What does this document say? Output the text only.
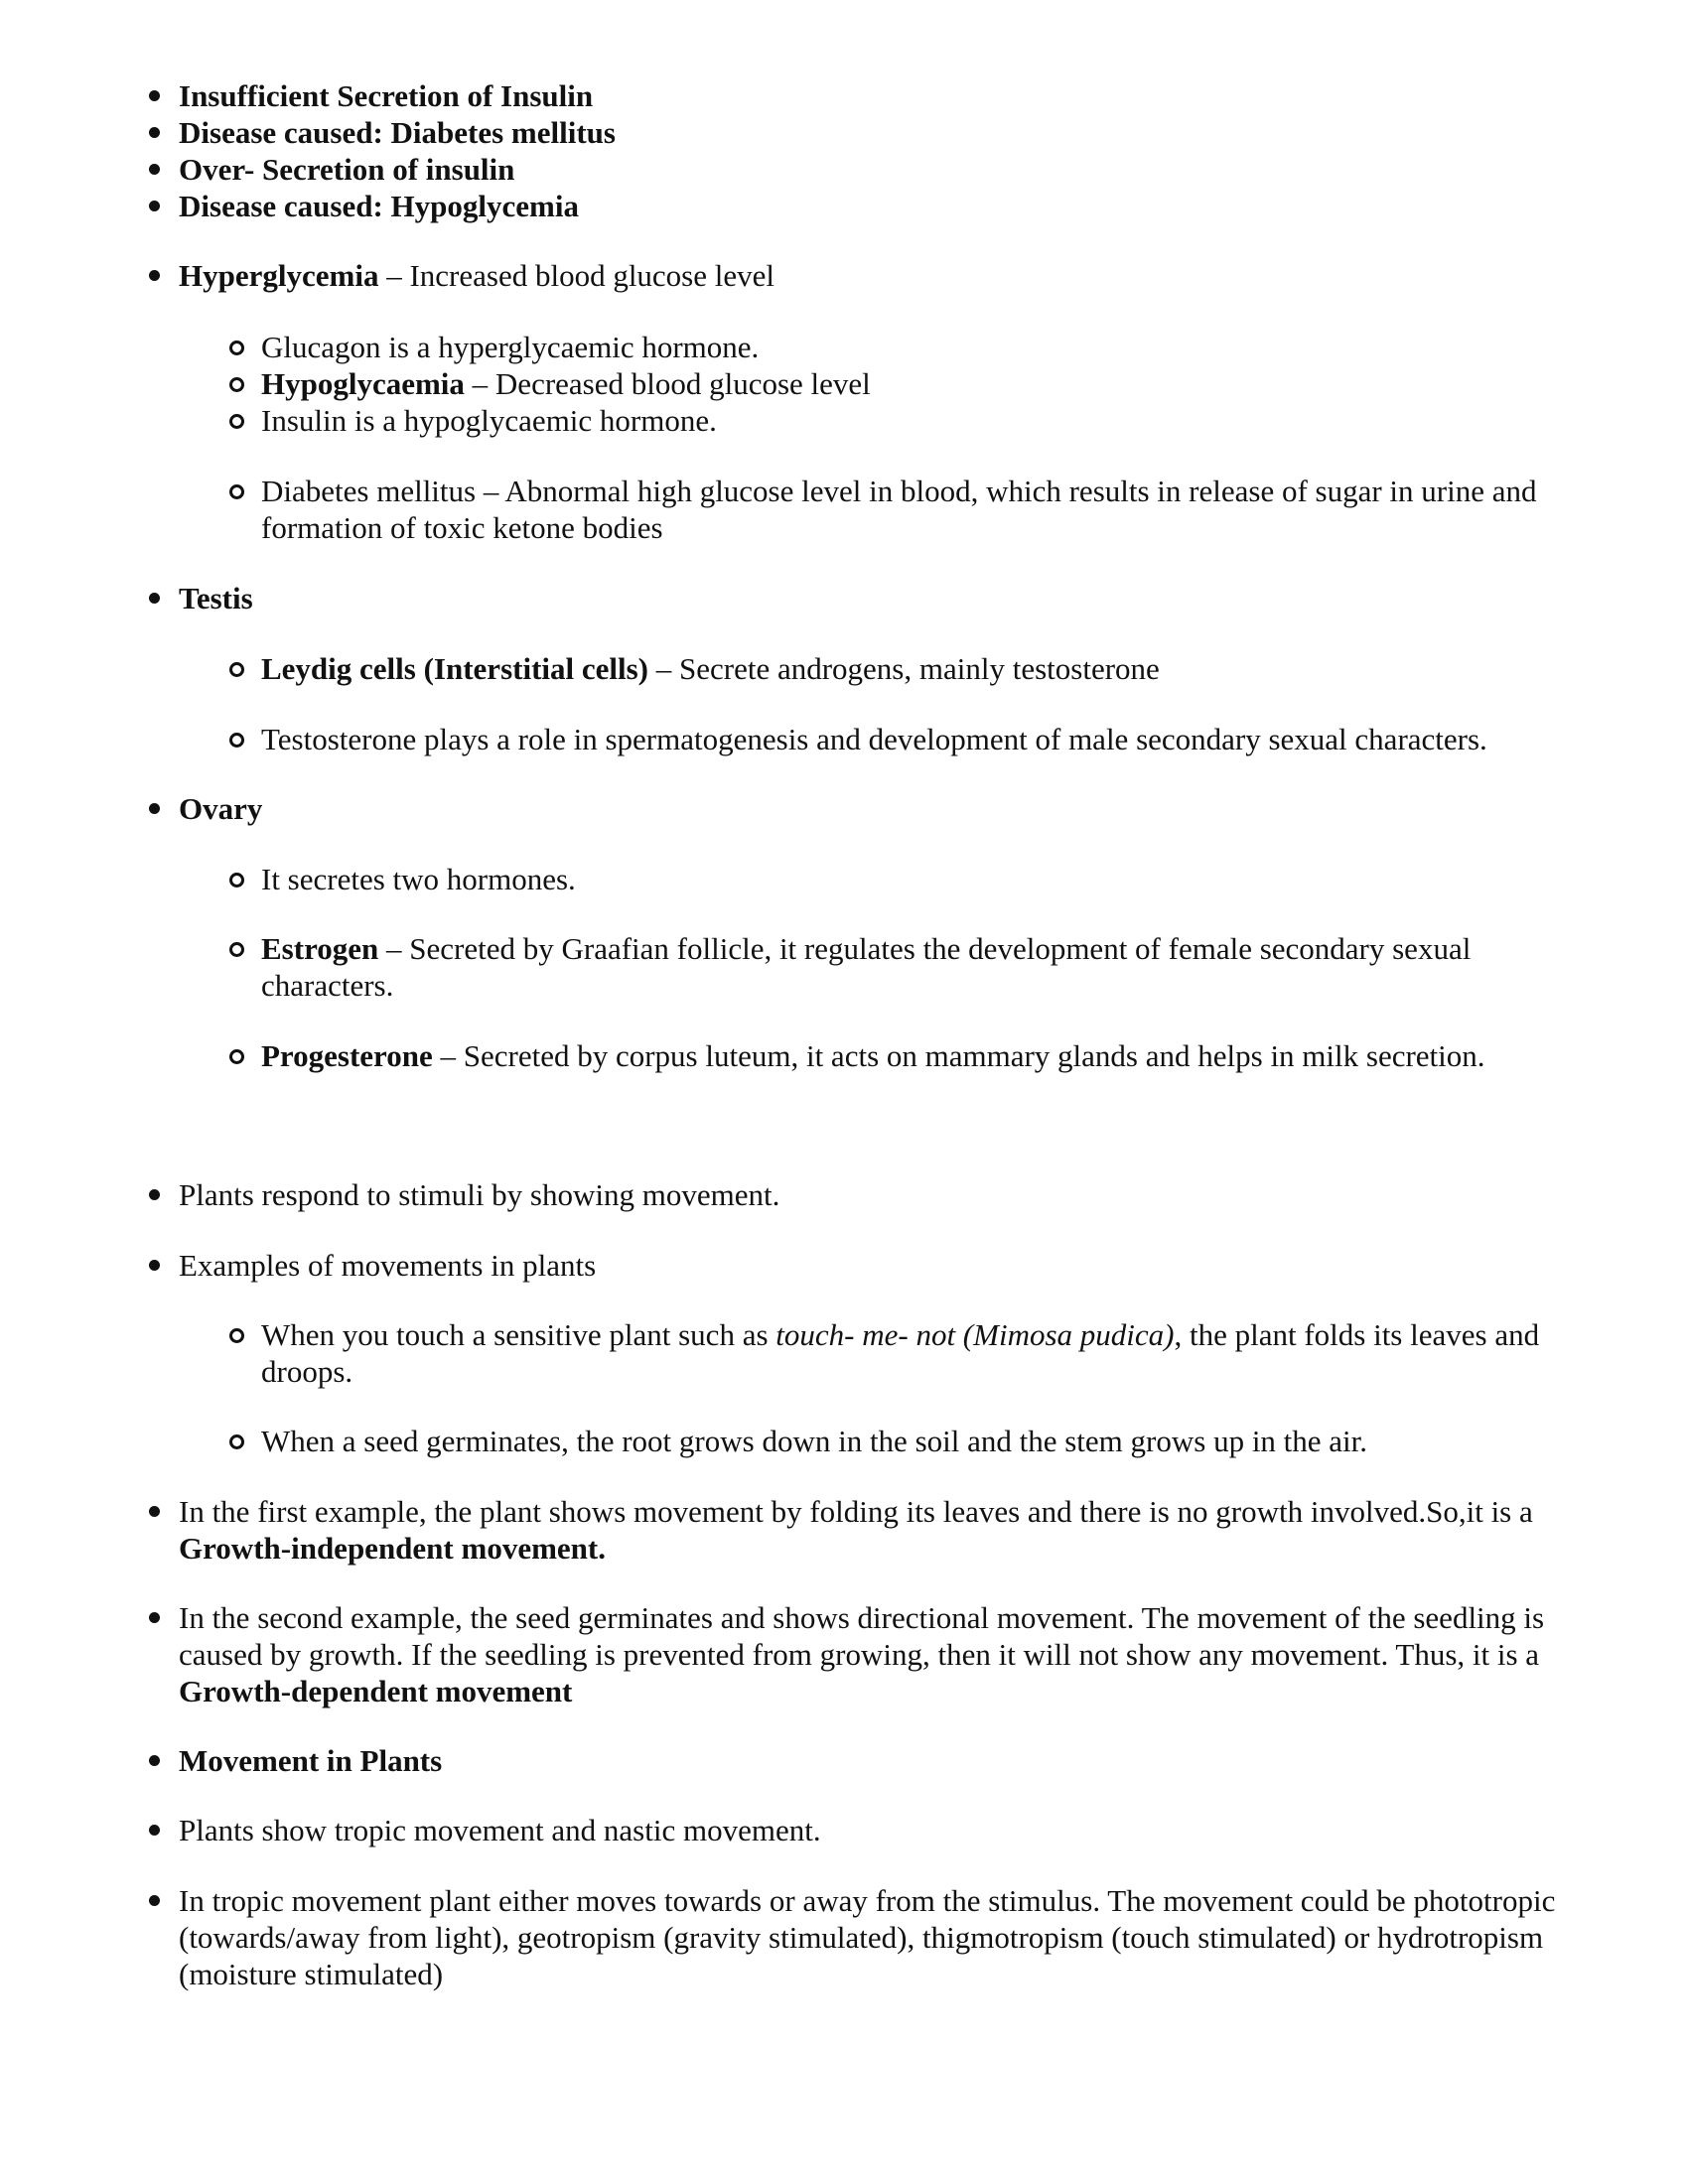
Insufficient Secretion of Insulin

Disease caused: Diabetes mellitus

Over- Secretion of insulin

Disease caused: Hypoglycemia

Hyperglycemia – Increased blood glucose level

Glucagon is a hyperglycaemic hormone.

Hypoglycaemia – Decreased blood glucose level

Insulin is a hypoglycaemic hormone.

Diabetes mellitus – Abnormal high glucose level in blood, which results in release of sugar in urine and formation of toxic ketone bodies

Testis

Leydig cells (Interstitial cells) – Secrete androgens, mainly testosterone

Testosterone plays a role in spermatogenesis and development of male secondary sexual characters.

Ovary

It secretes two hormones.

Estrogen – Secreted by Graafian follicle, it regulates the development of female secondary sexual characters.

Progesterone – Secreted by corpus luteum, it acts on mammary glands and helps in milk secretion.

Plants respond to stimuli by showing movement.

Examples of movements in plants

When you touch a sensitive plant such as touch- me- not (Mimosa pudica), the plant folds its leaves and droops.

When a seed germinates, the root grows down in the soil and the stem grows up in the air.

In the first example, the plant shows movement by folding its leaves and there is no growth involved.So,it is a Growth-independent movement.

In the second example, the seed germinates and shows directional movement. The movement of the seedling is caused by growth. If the seedling is prevented from growing, then it will not show any movement. Thus, it is a Growth-dependent movement

Movement in Plants

Plants show tropic movement and nastic movement.

In tropic movement plant either moves towards or away from the stimulus. The movement could be phototropic (towards/away from light), geotropism (gravity stimulated), thigmotropism (touch stimulated) or hydrotropism (moisture stimulated)
